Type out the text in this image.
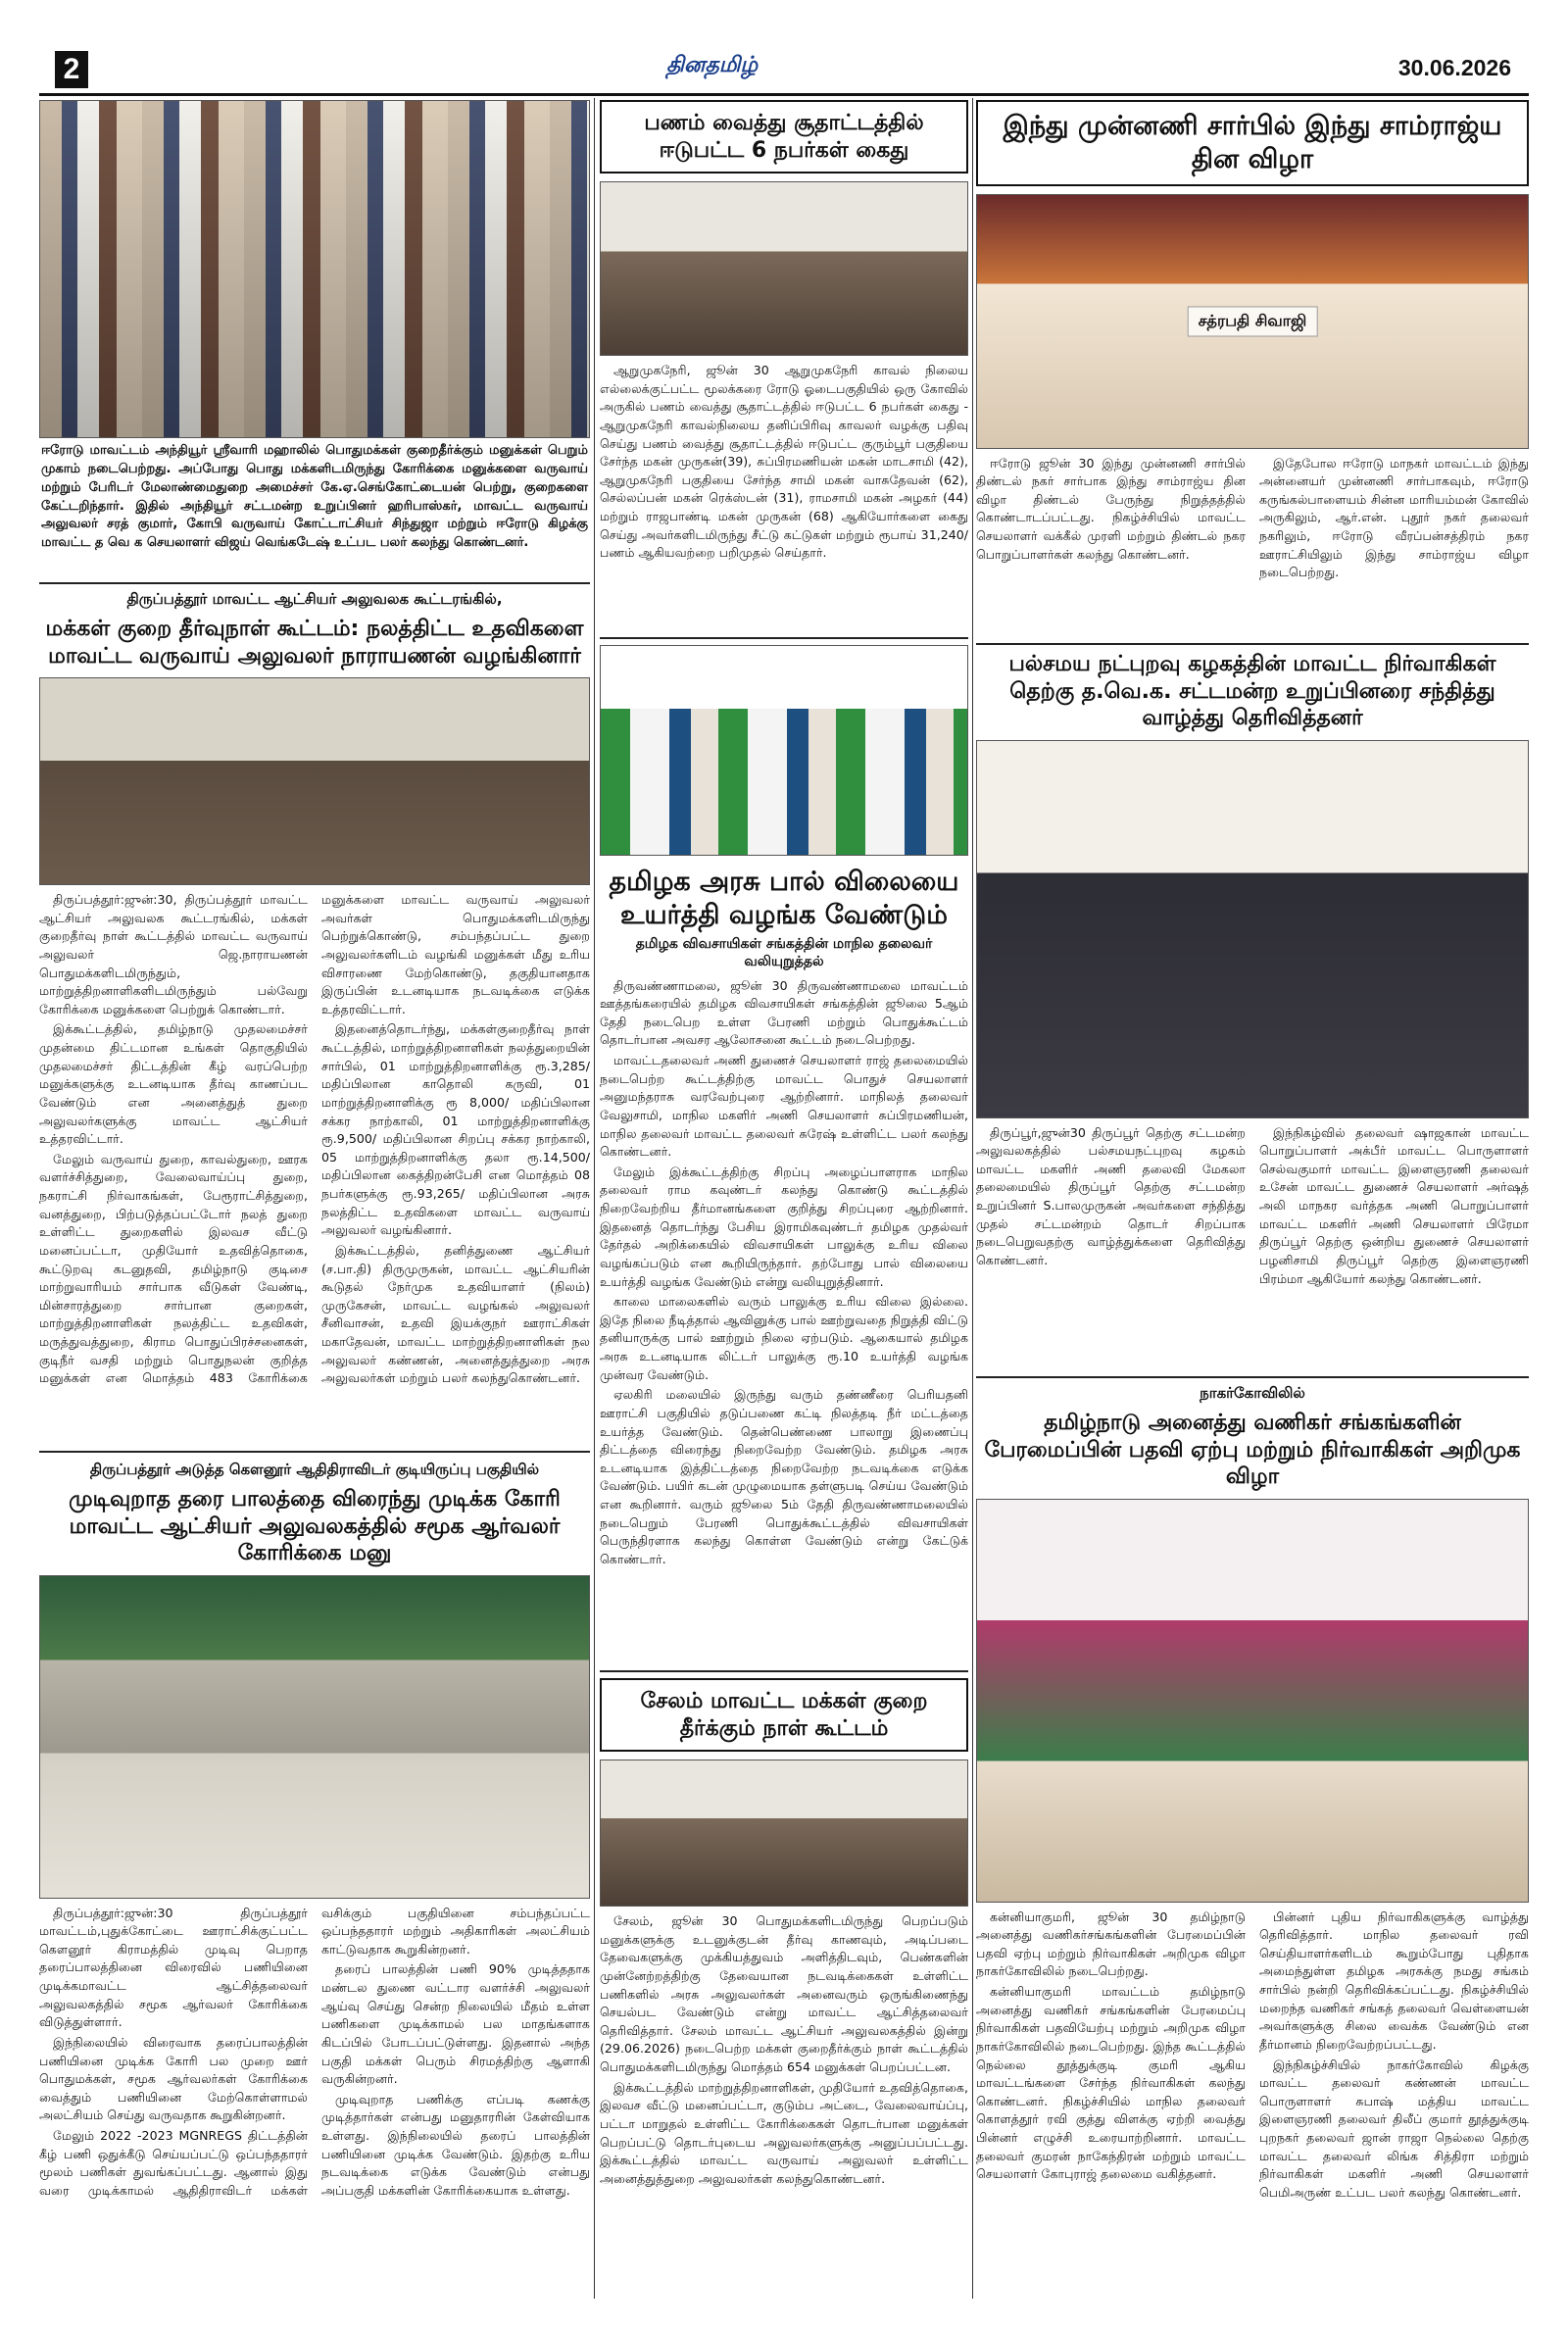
2	தினதமிழ்	30.06.2026
ஈரோடு மாவட்டம் அந்தியூர் ஸ்ரீவாரி மஹாலில் பொதுமக்கள் குறைதீர்க்கும் மனுக்கள் பெறும் முகாம் நடைபெற்றது. அப்போது பொது மக்களிடமிருந்து கோரிக்கை மனுக்களை வருவாய் மற்றும் பேரிடர் மேலாண்மைதுறை அமைச்சர் கே.ஏ.செங்கோட்டையன் பெற்று, குறைகளை கேட்டறிந்தார். இதில் அந்தியூர் சட்டமன்ற உறுப்பினர் ஹரிபாஸ்கர், மாவட்ட வருவாய் அலுவலர் சரத் குமார், கோபி வருவாய் கோட்டாட்சியர் சிந்துஜா மற்றும் ஈரோடு கிழக்கு மாவட்ட த வெ க செயலாளர் விஜய் வெங்கடேஷ் உட்பட பலர் கலந்து கொண்டனர்.
திருப்பத்தூர் மாவட்ட ஆட்சியர் அலுவலக கூட்டரங்கில்,
மக்கள் குறை தீர்வுநாள் கூட்டம்: நலத்திட்ட உதவிகளை மாவட்ட வருவாய் அலுவலர் நாராயணன் வழங்கினார்

திருப்பத்தூர்:ஜுன்:30, திருப்பத்தூர் மாவட்ட ஆட்சியர் அலுவலக கூட்டரங்கில், மக்கள் குறைதீர்வு நாள் கூட்டத்தில் மாவட்ட வருவாய் அலுவலர் ஜெ.நாராயணன் பொதுமக்களிடமிருந்தும், மாற்றுத்திறனாளிகளிடமிருந்தும் பல்வேறு கோரிக்கை மனுக்களை பெற்றுக் கொண்டார்.

இக்கூட்டத்தில், தமிழ்நாடு முதலமைச்சர் முதன்மை திட்டமான உங்கள் தொகுதியில் முதலமைச்சர் திட்டத்தின் கீழ் வரப்பெற்ற மனுக்களுக்கு உடனடியாக தீர்வு காணப்பட வேண்டும் என அனைத்துத் துறை அலுவலர்களுக்கு மாவட்ட ஆட்சியர் உத்தரவிட்டார்.

மேலும் வருவாய் துறை, காவல்துறை, ஊரக வளர்ச்சித்துறை, வேலைவாய்ப்பு துறை, நகராட்சி நிர்வாகங்கள், பேரூராட்சித்துறை, வனத்துறை, பிற்படுத்தப்பட்டோர் நலத் துறை உள்ளிட்ட துறைகளில் இலவச வீட்டு மனைப்பட்டா, முதியோர் உதவித்தொகை, கூட்டுறவு கடனுதவி, தமிழ்நாடு குடிசை மாற்றுவாரியம் சார்பாக வீடுகள் வேண்டி, மின்சாரத்துறை சார்பான குறைகள், மாற்றுத்திறனாளிகள் நலத்திட்ட உதவிகள், மருத்துவத்துறை, கிராம பொதுப்பிரச்சனைகள், குடிநீர் வசதி மற்றும் பொதுநலன் குறித்த மனுக்கள் என மொத்தம் 483 கோரிக்கை மனுக்களை மாவட்ட வருவாய் அலுவலர் அவர்கள் பொதுமக்களிடமிருந்து பெற்றுக்கொண்டு, சம்பந்தப்பட்ட துறை அலுவலர்களிடம் வழங்கி மனுக்கள் மீது உரிய விசாரணை மேற்கொண்டு, தகுதியானதாக இருப்பின் உடனடியாக நடவடிக்கை எடுக்க உத்தரவிட்டார்.

இதனைத்தொடர்ந்து, மக்கள்குறைதீர்வு நாள் கூட்டத்தில், மாற்றுத்திறனாளிகள் நலத்துறையின் சார்பில், 01 மாற்றுத்திறனாளிக்கு ரூ.3,285/ மதிப்பிலான காதொலி கருவி, 01 மாற்றுத்திறனாளிக்கு ரூ 8,000/ மதிப்பிலான சக்கர நாற்காலி, 01 மாற்றுத்திறனாளிக்கு ரூ.9,500/ மதிப்பிலான சிறப்பு சக்கர நாற்காலி, 05 மாற்றுத்திறனாளிக்கு தலா ரூ.14,500/மதிப்பிலான கைத்திறன்பேசி என மொத்தம் 08 நபர்களுக்கு ரூ.93,265/ மதிப்பிலான அரசு நலத்திட்ட உதவிகளை மாவட்ட வருவாய் அலுவலர் வழங்கினார்.

இக்கூட்டத்தில், தனித்துணை ஆட்சியர் (ச.பா.தி) திருமுருகன், மாவட்ட ஆட்சியரின் கூடுதல் நேர்முக உதவியாளர் (நிலம்) முருகேசன், மாவட்ட வழங்கல் அலுவலர் சீனிவாசன், உதவி இயக்குநர் ஊராட்சிகள் மகாதேவன், மாவட்ட மாற்றுத்திறனாளிகள் நல அலுவலர் கண்ணன், அனைத்துத்துறை அரசு அலுவலர்கள் மற்றும் பலர் கலந்துகொண்டனர்.

திருப்பத்தூர் அடுத்த கௌனூர் ஆதிதிராவிடர் குடியிருப்பு பகுதியில்
முடிவுறாத தரை பாலத்தை விரைந்து முடிக்க கோரி மாவட்ட ஆட்சியர் அலுவலகத்தில் சமூக ஆர்வலர் கோரிக்கை மனு

திருப்பத்தூர்:ஜுன்:30 திருப்பத்தூர் மாவட்டம்,புதுக்கோட்டை ஊராட்சிக்குட்பட்ட கௌனூர் கிராமத்தில் முடிவு பெறாத தரைப்பாலத்தினை விரைவில் பணியினை முடிக்கமாவட்ட ஆட்சித்தலைவர் அலுவலகத்தில் சமூக ஆர்வலர் கோரிக்கை விடுத்துள்ளார்.

இந்நிலையில் விரைவாக தரைப்பாலத்தின் பணியினை முடிக்க கோரி பல முறை ஊர் பொதுமக்கள், சமூக ஆர்வலர்கள் கோரிக்கை வைத்தும் பணியினை மேற்கொள்ளாமல் அலட்சியம் செய்து வருவதாக கூறுகின்றனர்.

மேலும் 2022 -2023 MGNREGS திட்டத்தின் கீழ் பணி ஒதுக்கீடு செய்யப்பட்டு ஒப்பந்ததாரர் மூலம் பணிகள் துவங்கப்பட்டது. ஆனால் இது வரை முடிக்காமல் ஆதிதிராவிடர் மக்கள் வசிக்கும் பகுதியினை சம்பந்தப்பட்ட ஒப்பந்ததாரர் மற்றும் அதிகாரிகள் அலட்சியம் காட்டுவதாக கூறுகின்றனர்.

தரைப் பாலத்தின் பணி 90% முடித்ததாக மண்டல துணை வட்டார வளர்ச்சி அலுவலர் ஆய்வு செய்து சென்ற நிலையில் மீதம் உள்ள பணிகளை முடிக்காமல் பல மாதங்களாக கிடப்பில் போடப்பட்டுள்ளது. இதனால் அந்த பகுதி மக்கள் பெரும் சிரமத்திற்கு ஆளாகி வருகின்றனர்.

முடிவுறாத பணிக்கு எப்படி கணக்கு முடித்தார்கள் என்பது மனுதாரரின் கேள்வியாக உள்ளது. இந்நிலையில் தரைப் பாலத்தின் பணியினை முடிக்க வேண்டும். இதற்கு உரிய நடவடிக்கை எடுக்க வேண்டும் என்பது அப்பகுதி மக்களின் கோரிக்கையாக உள்ளது.

பணம் வைத்து சூதாட்டத்தில் ஈடுபட்ட 6 நபர்கள் கைது

ஆறுமுகநேரி, ஜூன் 30 ஆறுமுகநேரி காவல் நிலைய எல்லைக்குட்பட்ட மூலக்கரை ரோடு ஓடைபகுதியில் ஒரு கோவில் அருகில் பணம் வைத்து சூதாட்டத்தில் ஈடுபட்ட 6 நபர்கள் கைது - ஆறுமுகநேரி காவல்நிலைய தனிப்பிரிவு காவலர் வழக்கு பதிவு செய்து பணம் வைத்து சூதாட்டத்தில் ஈடுபட்ட குரும்பூர் பகுதியை சேர்ந்த மகன் முருகன்(39), சுப்பிரமணியன் மகன் மாடசாமி (42), ஆறுமுகநேரி பகுதியை சேர்ந்த சாமி மகன் வாசுதேவன் (62), செல்லப்பன் மகன் ரெக்ஸ்டன் (31), ராமசாமி மகன் அழகர் (44) மற்றும் ராஜபாண்டி மகன் முருகன் (68) ஆகியோர்களை கைது செய்து அவர்களிடமிருந்து சீட்டு கட்டுகள் மற்றும் ரூபாய் 31,240/ பணம் ஆகியவற்றை பறிமுதல் செய்தார்.

தமிழக அரசு பால் விலையை உயர்த்தி வழங்க வேண்டும்
தமிழக விவசாயிகள் சங்கத்தின் மாநில தலைவர் வலியுறுத்தல்

திருவண்ணாமலை, ஜூன் 30 திருவண்ணாமலை மாவட்டம் ஊத்தங்கரையில் தமிழக விவசாயிகள் சங்கத்தின் ஜூலை 5ஆம் தேதி நடைபெற உள்ள பேரணி மற்றும் பொதுக்கூட்டம் தொடர்பான அவசர ஆலோசனை கூட்டம் நடைபெற்றது.

மாவட்டதலைவர் அணி துணைச் செயலாளர் ராஜ் தலைமையில் நடைபெற்ற கூட்டத்திற்கு மாவட்ட பொதுச் செயலாளர் அனுமந்தராசு வரவேற்புரை ஆற்றினார். மாநிலத் தலைவர் வேலுசாமி, மாநில மகளிர் அணி செயலாளர் சுப்பிரமணியன், மாநில தலைவர் மாவட்ட தலைவர் சுரேஷ் உள்ளிட்ட பலர் கலந்து கொண்டனர்.

மேலும் இக்கூட்டத்திற்கு சிறப்பு அழைப்பாளராக மாநில தலைவர் ராம கவுண்டர் கலந்து கொண்டு கூட்டத்தில் நிறைவேற்றிய தீர்மானங்களை குறித்து சிறப்புரை ஆற்றினார். இதனைத் தொடர்ந்து பேசிய இராமிகவுண்டர் தமிழக முதல்வர் தேர்தல் அறிக்கையில் விவசாயிகள் பாலுக்கு உரிய விலை வழங்கப்படும் என கூறியிருந்தார். தற்போது பால் விலையை உயர்த்தி வழங்க வேண்டும் என்று வலியுறுத்தினார்.

காலை மாலைகளில் வரும் பாலுக்கு உரிய விலை இல்லை. இதே நிலை நீடித்தால் ஆவினுக்கு பால் ஊற்றுவதை நிறுத்தி விட்டு தனியாருக்கு பால் ஊற்றும் நிலை ஏற்படும். ஆகையால் தமிழக அரசு உடனடியாக லிட்டர் பாலுக்கு ரூ.10 உயர்த்தி வழங்க முன்வர வேண்டும்.

ஏலகிரி மலையில் இருந்து வரும் தண்ணீரை பெரியதனி ஊராட்சி பகுதியில் தடுப்பணை கட்டி நிலத்தடி நீர் மட்டத்தை உயர்த்த வேண்டும். தென்பெண்ணை பாலாறு இணைப்பு திட்டத்தை விரைந்து நிறைவேற்ற வேண்டும். தமிழக அரசு உடனடியாக இத்திட்டத்தை நிறைவேற்ற நடவடிக்கை எடுக்க வேண்டும். பயிர் கடன் முழுமையாக தள்ளுபடி செய்ய வேண்டும் என கூறினார். வரும் ஜூலை 5ம் தேதி திருவண்ணாமலையில் நடைபெறும் பேரணி பொதுக்கூட்டத்தில் விவசாயிகள் பெருந்திரளாக கலந்து கொள்ள வேண்டும் என்று கேட்டுக் கொண்டார்.

சேலம் மாவட்ட மக்கள் குறை தீர்க்கும் நாள் கூட்டம்

சேலம், ஜூன் 30 பொதுமக்களிடமிருந்து பெறப்படும் மனுக்களுக்கு உடனுக்குடன் தீர்வு காணவும், அடிப்படை தேவைகளுக்கு முக்கியத்துவம் அளித்திடவும், பெண்களின் முன்னேற்றத்திற்கு தேவையான நடவடிக்கைகள் உள்ளிட்ட பணிகளில் அரசு அலுவலர்கள் அனைவரும் ஒருங்கிணைந்து செயல்பட வேண்டும் என்று மாவட்ட ஆட்சித்தலைவர் தெரிவித்தார். சேலம் மாவட்ட ஆட்சியர் அலுவலகத்தில் இன்று (29.06.2026) நடைபெற்ற மக்கள் குறைதீர்க்கும் நாள் கூட்டத்தில் பொதுமக்களிடமிருந்து மொத்தம் 654 மனுக்கள் பெறப்பட்டன.

இக்கூட்டத்தில் மாற்றுத்திறனாளிகள், முதியோர் உதவித்தொகை, இலவச வீட்டு மனைப்பட்டா, குடும்ப அட்டை, வேலைவாய்ப்பு, பட்டா மாறுதல் உள்ளிட்ட கோரிக்கைகள் தொடர்பான மனுக்கள் பெறப்பட்டு தொடர்புடைய அலுவலர்களுக்கு அனுப்பப்பட்டது. இக்கூட்டத்தில் மாவட்ட வருவாய் அலுவலர் உள்ளிட்ட அனைத்துத்துறை அலுவலர்கள் கலந்துகொண்டனர்.

இந்து முன்னணி சார்பில் இந்து சாம்ராஜ்ய தின விழா
சத்ரபதி சிவாஜி

ஈரோடு ஜூன் 30 இந்து முன்னணி சார்பில் திண்டல் நகர் சார்பாக இந்து சாம்ராஜ்ய தின விழா திண்டல் பேருந்து நிறுத்தத்தில் கொண்டாடப்பட்டது. நிகழ்ச்சியில் மாவட்ட செயலாளர் வக்கீல் முரளி மற்றும் திண்டல் நகர பொறுப்பாளர்கள் கலந்து கொண்டனர்.

இதேபோல ஈரோடு மாநகர் மாவட்டம் இந்து அன்னையர் முன்னணி சார்பாகவும், ஈரோடு கருங்கல்பாளையம் சின்ன மாரியம்மன் கோவில் அருகிலும், ஆர்.என். புதூர் நகர் தலைவர் நகரிலும், ஈரோடு வீரப்பன்சத்திரம் நகர ஊராட்சியிலும் இந்து சாம்ராஜ்ய விழா நடைபெற்றது.

பல்சமய நட்புறவு கழகத்தின் மாவட்ட நிர்வாகிகள் தெற்கு த.வெ.க. சட்டமன்ற உறுப்பினரை சந்தித்து வாழ்த்து தெரிவித்தனர்

திருப்பூர்,ஜுன்30 திருப்பூர் தெற்கு சட்டமன்ற அலுவலகத்தில் பல்சமயநட்புறவு கழகம் மாவட்ட மகளிர் அணி தலைவி மேகலா தலைமையில் திருப்பூர் தெற்கு சட்டமன்ற உறுப்பினர் S.பாலமுருகன் அவர்களை சந்தித்து முதல் சட்டமன்றம் தொடர் சிறப்பாக நடைபெறுவதற்கு வாழ்த்துக்களை தெரிவித்து கொண்டனர்.

இந்நிகழ்வில் தலைவர் ஷாஜகான் மாவட்ட பொறுப்பாளர் அக்பீர் மாவட்ட பொருளாளர் செல்வகுமார் மாவட்ட இளைஞரணி தலைவர் உசேன் மாவட்ட துணைச் செயலாளர் அர்ஷத் அலி மாநகர வர்த்தக அணி பொறுப்பாளர் மாவட்ட மகளிர் அணி செயலாளர் பிரேமா திருப்பூர் தெற்கு ஒன்றிய துணைச் செயலாளர் பழனிசாமி திருப்பூர் தெற்கு இளைஞரணி பிரம்மா ஆகியோர் கலந்து கொண்டனர்.

நாகர்கோவிலில்
தமிழ்நாடு அனைத்து வணிகர் சங்கங்களின் பேரமைப்பின் பதவி ஏற்பு மற்றும் நிர்வாகிகள் அறிமுக விழா

கன்னியாகுமரி, ஜூன் 30 தமிழ்நாடு அனைத்து வணிகர்சங்கங்களின் பேரமைப்பின் பதவி ஏற்பு மற்றும் நிர்வாகிகள் அறிமுக விழா நாகர்கோவிலில் நடைபெற்றது.

கன்னியாகுமரி மாவட்டம் தமிழ்நாடு அனைத்து வணிகர் சங்கங்களின் பேரமைப்பு நிர்வாகிகள் பதவியேற்பு மற்றும் அறிமுக விழா நாகர்கோவிலில் நடைபெற்றது. இந்த கூட்டத்தில் நெல்லை தூத்துக்குடி குமரி ஆகிய மாவட்டங்களை சேர்ந்த நிர்வாகிகள் கலந்து கொண்டனர். நிகழ்ச்சியில் மாநில தலைவர் கொளத்தூர் ரவி குத்து விளக்கு ஏற்றி வைத்து பின்னர் எழுச்சி உரையாற்றினார். மாவட்ட தலைவர் குமரன் நாகேந்திரன் மற்றும் மாவட்ட செயலாளர் கோபுராஜ் தலைமை வகித்தனர்.

பின்னர் புதிய நிர்வாகிகளுக்கு வாழ்த்து தெரிவித்தார். மாநில தலைவர் ரவி செய்தியாளர்களிடம் கூறும்போது புதிதாக அமைந்துள்ள தமிழக அரசுக்கு நமது சங்கம் சார்பில் நன்றி தெரிவிக்கப்பட்டது. நிகழ்ச்சியில் மறைந்த வணிகர் சங்கத் தலைவர் வெள்ளையன் அவர்களுக்கு சிலை வைக்க வேண்டும் என தீர்மானம் நிறைவேற்றப்பட்டது.

இந்நிகழ்ச்சியில் நாகர்கோவில் கிழக்கு மாவட்ட தலைவர் கண்ணன் மாவட்ட பொருளாளர் சுபாஷ் மத்திய மாவட்ட இளைஞரணி தலைவர் திலீப் குமார் தூத்துக்குடி புறநகர் தலைவர் ஜான் ராஜா நெல்லை தெற்கு மாவட்ட தலைவர் லிங்க சித்திரா மற்றும் நிர்வாகிகள் மகளிர் அணி செயலாளர் பெமிஅருண் உட்பட பலர் கலந்து கொண்டனர்.
